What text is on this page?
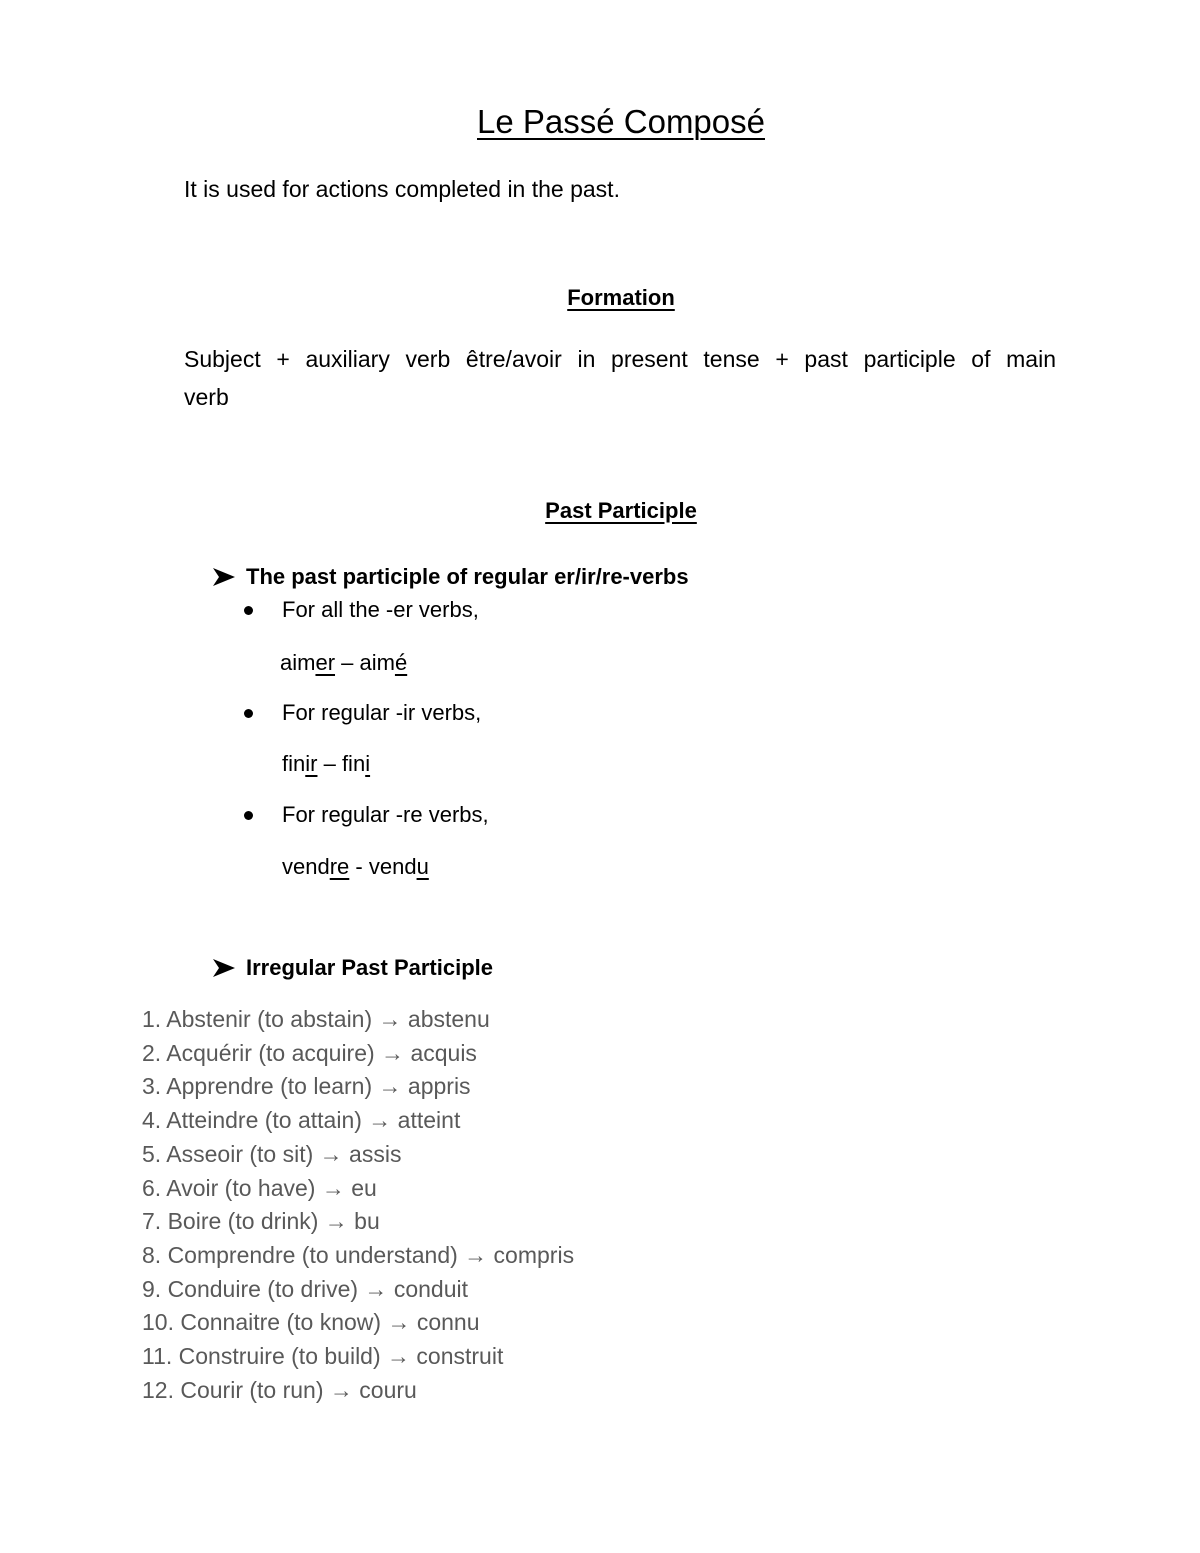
Le Passé Composé
It is used for actions completed in the past.
Formation
Subject + auxiliary verb être/avoir in present tense + past participle of main
verb
Past Participle
The past participle of regular er/ir/re-verbs
For all the -er verbs,
aimer – aimé
For regular -ir verbs,
finir – fini
For regular -re verbs,
vendre - vendu
Irregular Past Participle
1. Abstenir (to abstain) → abstenu
2. Acquérir (to acquire) → acquis
3. Apprendre (to learn) → appris
4. Atteindre (to attain) → atteint
5. Asseoir (to sit) → assis
6. Avoir (to have) → eu
7. Boire (to drink) → bu
8. Comprendre (to understand) → compris
9. Conduire (to drive) → conduit
10. Connaitre (to know) → connu
11. Construire (to build) → construit
12. Courir (to run) → couru
